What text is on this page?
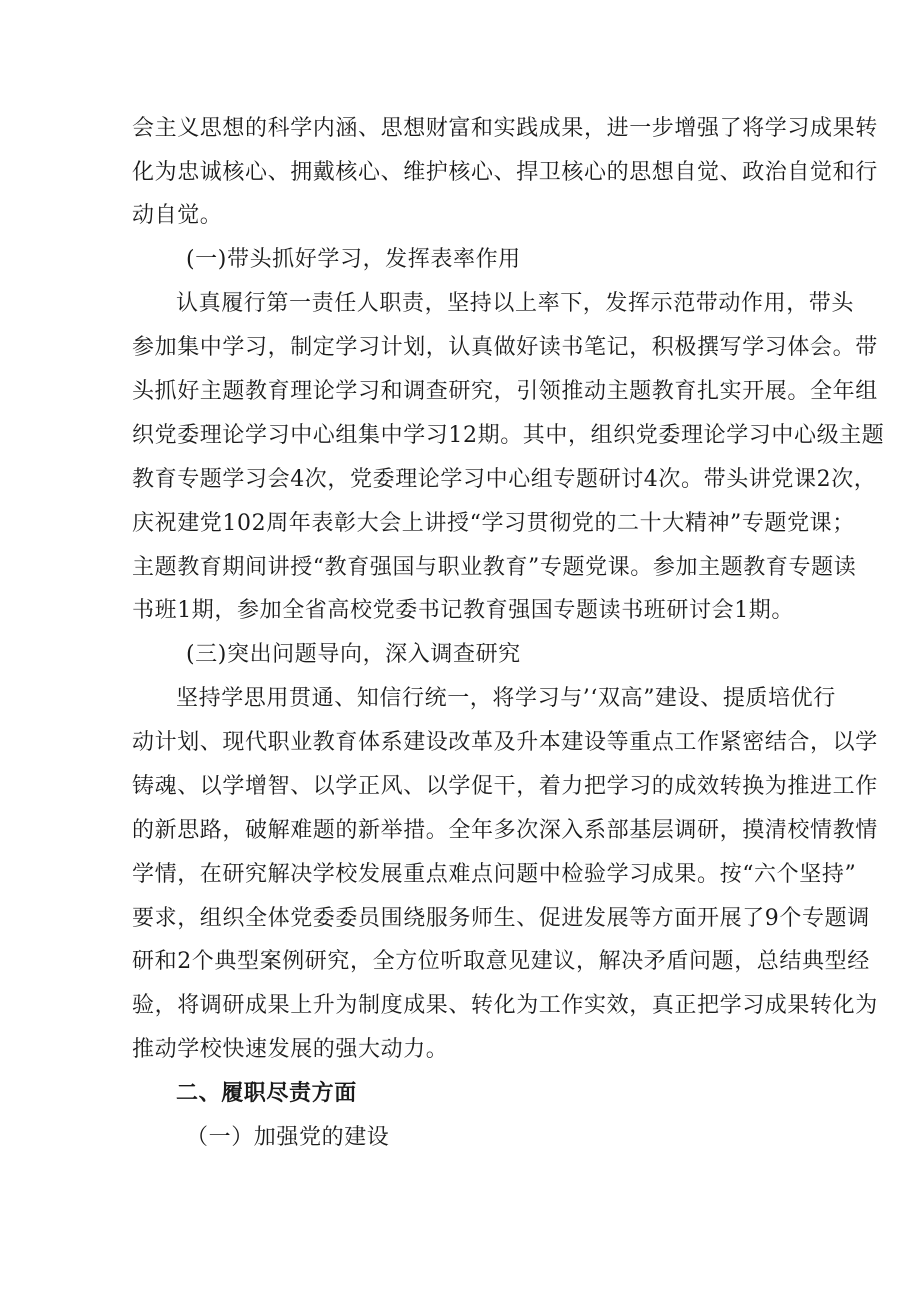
会主义思想的科学内涵、思想财富和实践成果，进一步增强了将学习成果转
化为忠诚核心、拥戴核心、维护核心、捍卫核心的思想自觉、政治自觉和行
动自觉。
(一)带头抓好学习，发挥表率作用
认真履行第一责任人职责，坚持以上率下，发挥示范带动作用，带头
参加集中学习，制定学习计划，认真做好读书笔记，积极撰写学习体会。带
头抓好主题教育理论学习和调查研究，引领推动主题教育扎实开展。全年组
织党委理论学习中心组集中学习12期。其中，组织党委理论学习中心级主题
教育专题学习会4次，党委理论学习中心组专题研讨4次。带头讲党课2次，
庆祝建党102周年表彰大会上讲授“学习贯彻党的二十大精神”专题党课；
主题教育期间讲授“教育强国与职业教育”专题党课。参加主题教育专题读
书班1期，参加全省高校党委书记教育强国专题读书班研讨会1期。
(三)突出问题导向，深入调查研究
坚持学思用贯通、知信行统一，将学习与’‘双高”建设、提质培优行
动计划、现代职业教育体系建设改革及升本建设等重点工作紧密结合，以学
铸魂、以学增智、以学正风、以学促干，着力把学习的成效转换为推进工作
的新思路，破解难题的新举措。全年多次深入系部基层调研，摸清校情教情
学情，在研究解决学校发展重点难点问题中检验学习成果。按“六个坚持”
要求，组织全体党委委员围绕服务师生、促进发展等方面开展了9个专题调
研和2个典型案例研究，全方位听取意见建议，解决矛盾问题，总结典型经
验，将调研成果上升为制度成果、转化为工作实效，真正把学习成果转化为
推动学校快速发展的强大动力。
二、履职尽责方面
（一）加强党的建设
